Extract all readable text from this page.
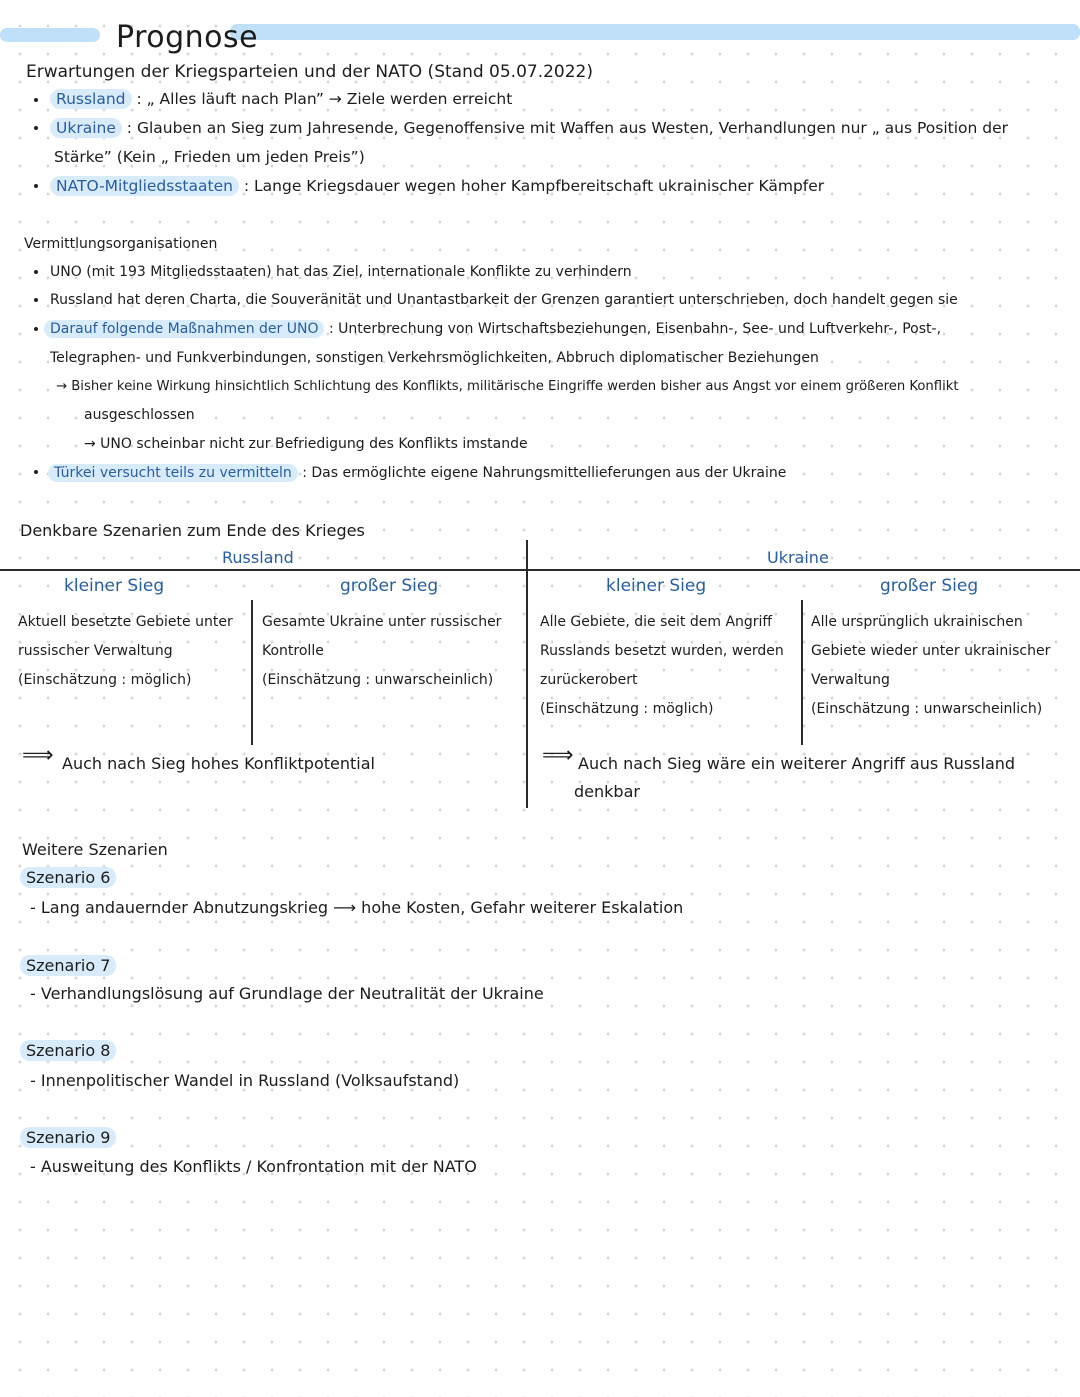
Prognose
Erwartungen der Kriegsparteien und der NATO (Stand 05.07.2022)
Russland : „ Alles läuft nach Plan” → Ziele werden erreicht
Ukraine : Glauben an Sieg zum Jahresende, Gegenoffensive mit Waffen aus Westen, Verhandlungen nur „ aus Position der
Stärke” (Kein „ Frieden um jeden Preis”)
NATO-Mitgliedsstaaten : Lange Kriegsdauer wegen hoher Kampfbereitschaft ukrainischer Kämpfer
Vermittlungsorganisationen
UNO (mit 193 Mitgliedsstaaten) hat das Ziel, internationale Konflikte zu verhindern
Russland hat deren Charta, die Souveränität und Unantastbarkeit der Grenzen garantiert unterschrieben, doch handelt gegen sie
Darauf folgende Maßnahmen der UNO : Unterbrechung von Wirtschaftsbeziehungen, Eisenbahn-, See- und Luftverkehr-, Post-,
Telegraphen- und Funkverbindungen, sonstigen Verkehrsmöglichkeiten, Abbruch diplomatischer Beziehungen
→ Bisher keine Wirkung hinsichtlich Schlichtung des Konflikts, militärische Eingriffe werden bisher aus Angst vor einem größeren Konflikt
ausgeschlossen
→ UNO scheinbar nicht zur Befriedigung des Konflikts imstande
Türkei versucht teils zu vermitteln : Das ermöglichte eigene Nahrungsmittellieferungen aus der Ukraine
Denkbare Szenarien zum Ende des Krieges
Russland	Ukraine
kleiner Sieg	großer Sieg	kleiner Sieg	großer Sieg
Aktuell besetzte Gebiete unter
russischer Verwaltung
(Einschätzung : möglich)
Gesamte Ukraine unter russischer
Kontrolle
(Einschätzung : unwarscheinlich)
Alle Gebiete, die seit dem Angriff
Russlands besetzt wurden, werden
zurückerobert
(Einschätzung : möglich)
Alle ursprünglich ukrainischen
Gebiete wieder unter ukrainischer
Verwaltung
(Einschätzung : unwarscheinlich)
⟹ Auch nach Sieg hohes Konfliktpotential	⟹ Auch nach Sieg wäre ein weiterer Angriff aus Russland
denkbar
Weitere Szenarien
Szenario 6
- Lang andauernder Abnutzungskrieg ⟶ hohe Kosten, Gefahr weiterer Eskalation
Szenario 7
- Verhandlungslösung auf Grundlage der Neutralität der Ukraine
Szenario 8
- Innenpolitischer Wandel in Russland (Volksaufstand)
Szenario 9
- Ausweitung des Konflikts / Konfrontation mit der NATO
